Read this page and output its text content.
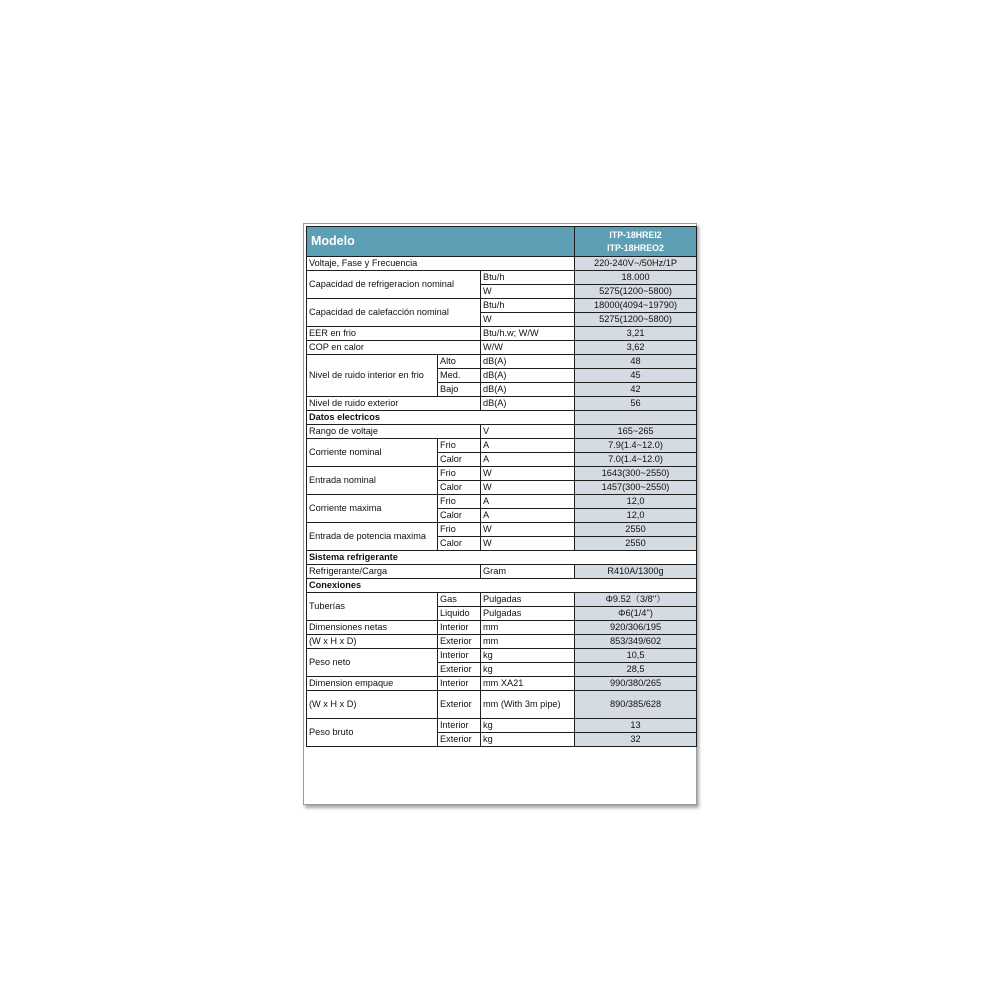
Modelo			ITP-18HREI2
ITP-18HREO2

Voltaje, Fase y Frecuencia			220-240V~/50Hz/1P
Capacidad de refrigeracion nominal		Btu/h	18.000
		W	5275(1200~5800)
Capacidad de calefacción nominal		Btu/h	18000(4094~19790)
		W	5275(1200~5800)
EER en frio		Btu/h.w; W/W	3,21
COP en calor		W/W	3,62
Nivel de ruido interior en frio	Alto	dB(A)	48
	Med.	dB(A)	45
	Bajo	dB(A)	42
Nivel de ruido exterior		dB(A)	56
Datos electricos			
Rango de voltaje		V	165~265
Corriente nominal	Frio	A	7.9(1.4~12.0)
	Calor	A	7.0(1.4~12.0)
Entrada nominal	Frio	W	1643(300~2550)
	Calor	W	1457(300~2550)
Corriente maxima	Frio	A	12,0
	Calor	A	12,0
Entrada de potencia maxima	Frio	W	2550
	Calor	W	2550
Sistema refrigerante			
Refrigerante/Carga		Gram	R410A/1300g
Conexiones			
Tuberías	Gas	Pulgadas	Φ9.52（3/8''）
	Liquido	Pulgadas	Φ6(1/4'')
Dimensiones netas	Interior	mm	920/306/195
(W x H x D)	Exterior	mm	853/349/602
Peso neto	Interior	kg	10,5
	Exterior	kg	28,5
Dimension empaque	Interior	mm XA21	990/380/265
(W x H x D)	Exterior	mm (With 3m pipe)	890/385/628
Peso bruto	Interior	kg	13
	Exterior	kg	32
